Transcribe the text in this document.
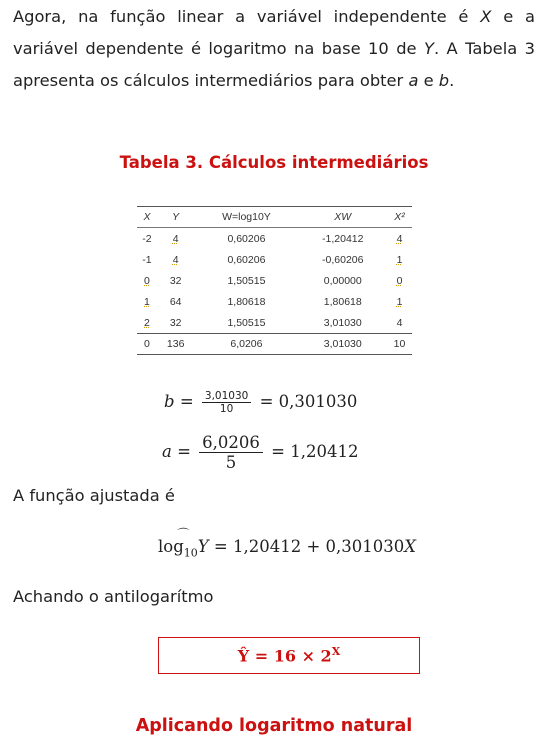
Agora, na função linear a variável independente é X e a variável dependente é logaritmo na base 10 de Y. A Tabela 3 apresenta os cálculos intermediários para obter a e b.
Tabela 3. Cálculos intermediários
X	Y	W=log10Y	XW	X²
-2	4	0,60206	-1,20412	4
-1	4	0,60206	-0,60206	1
0	32	1,50515	0,00000	0
1	64	1,80618	1,80618	1
2	32	1,50515	3,01030	4
0	136	6,0206	3,01030	10
$b = \frac{3,01030}{10} = 0,301030$
$a = \frac{6,0206}{5} = 1,20412$
A função ajustada é
⌒
$\log_{10}Y = 1,20412 + 0,301030X$
Achando o antilogarítmo
Ŷ = $16 \times 2^X$
Aplicando logaritmo natural
